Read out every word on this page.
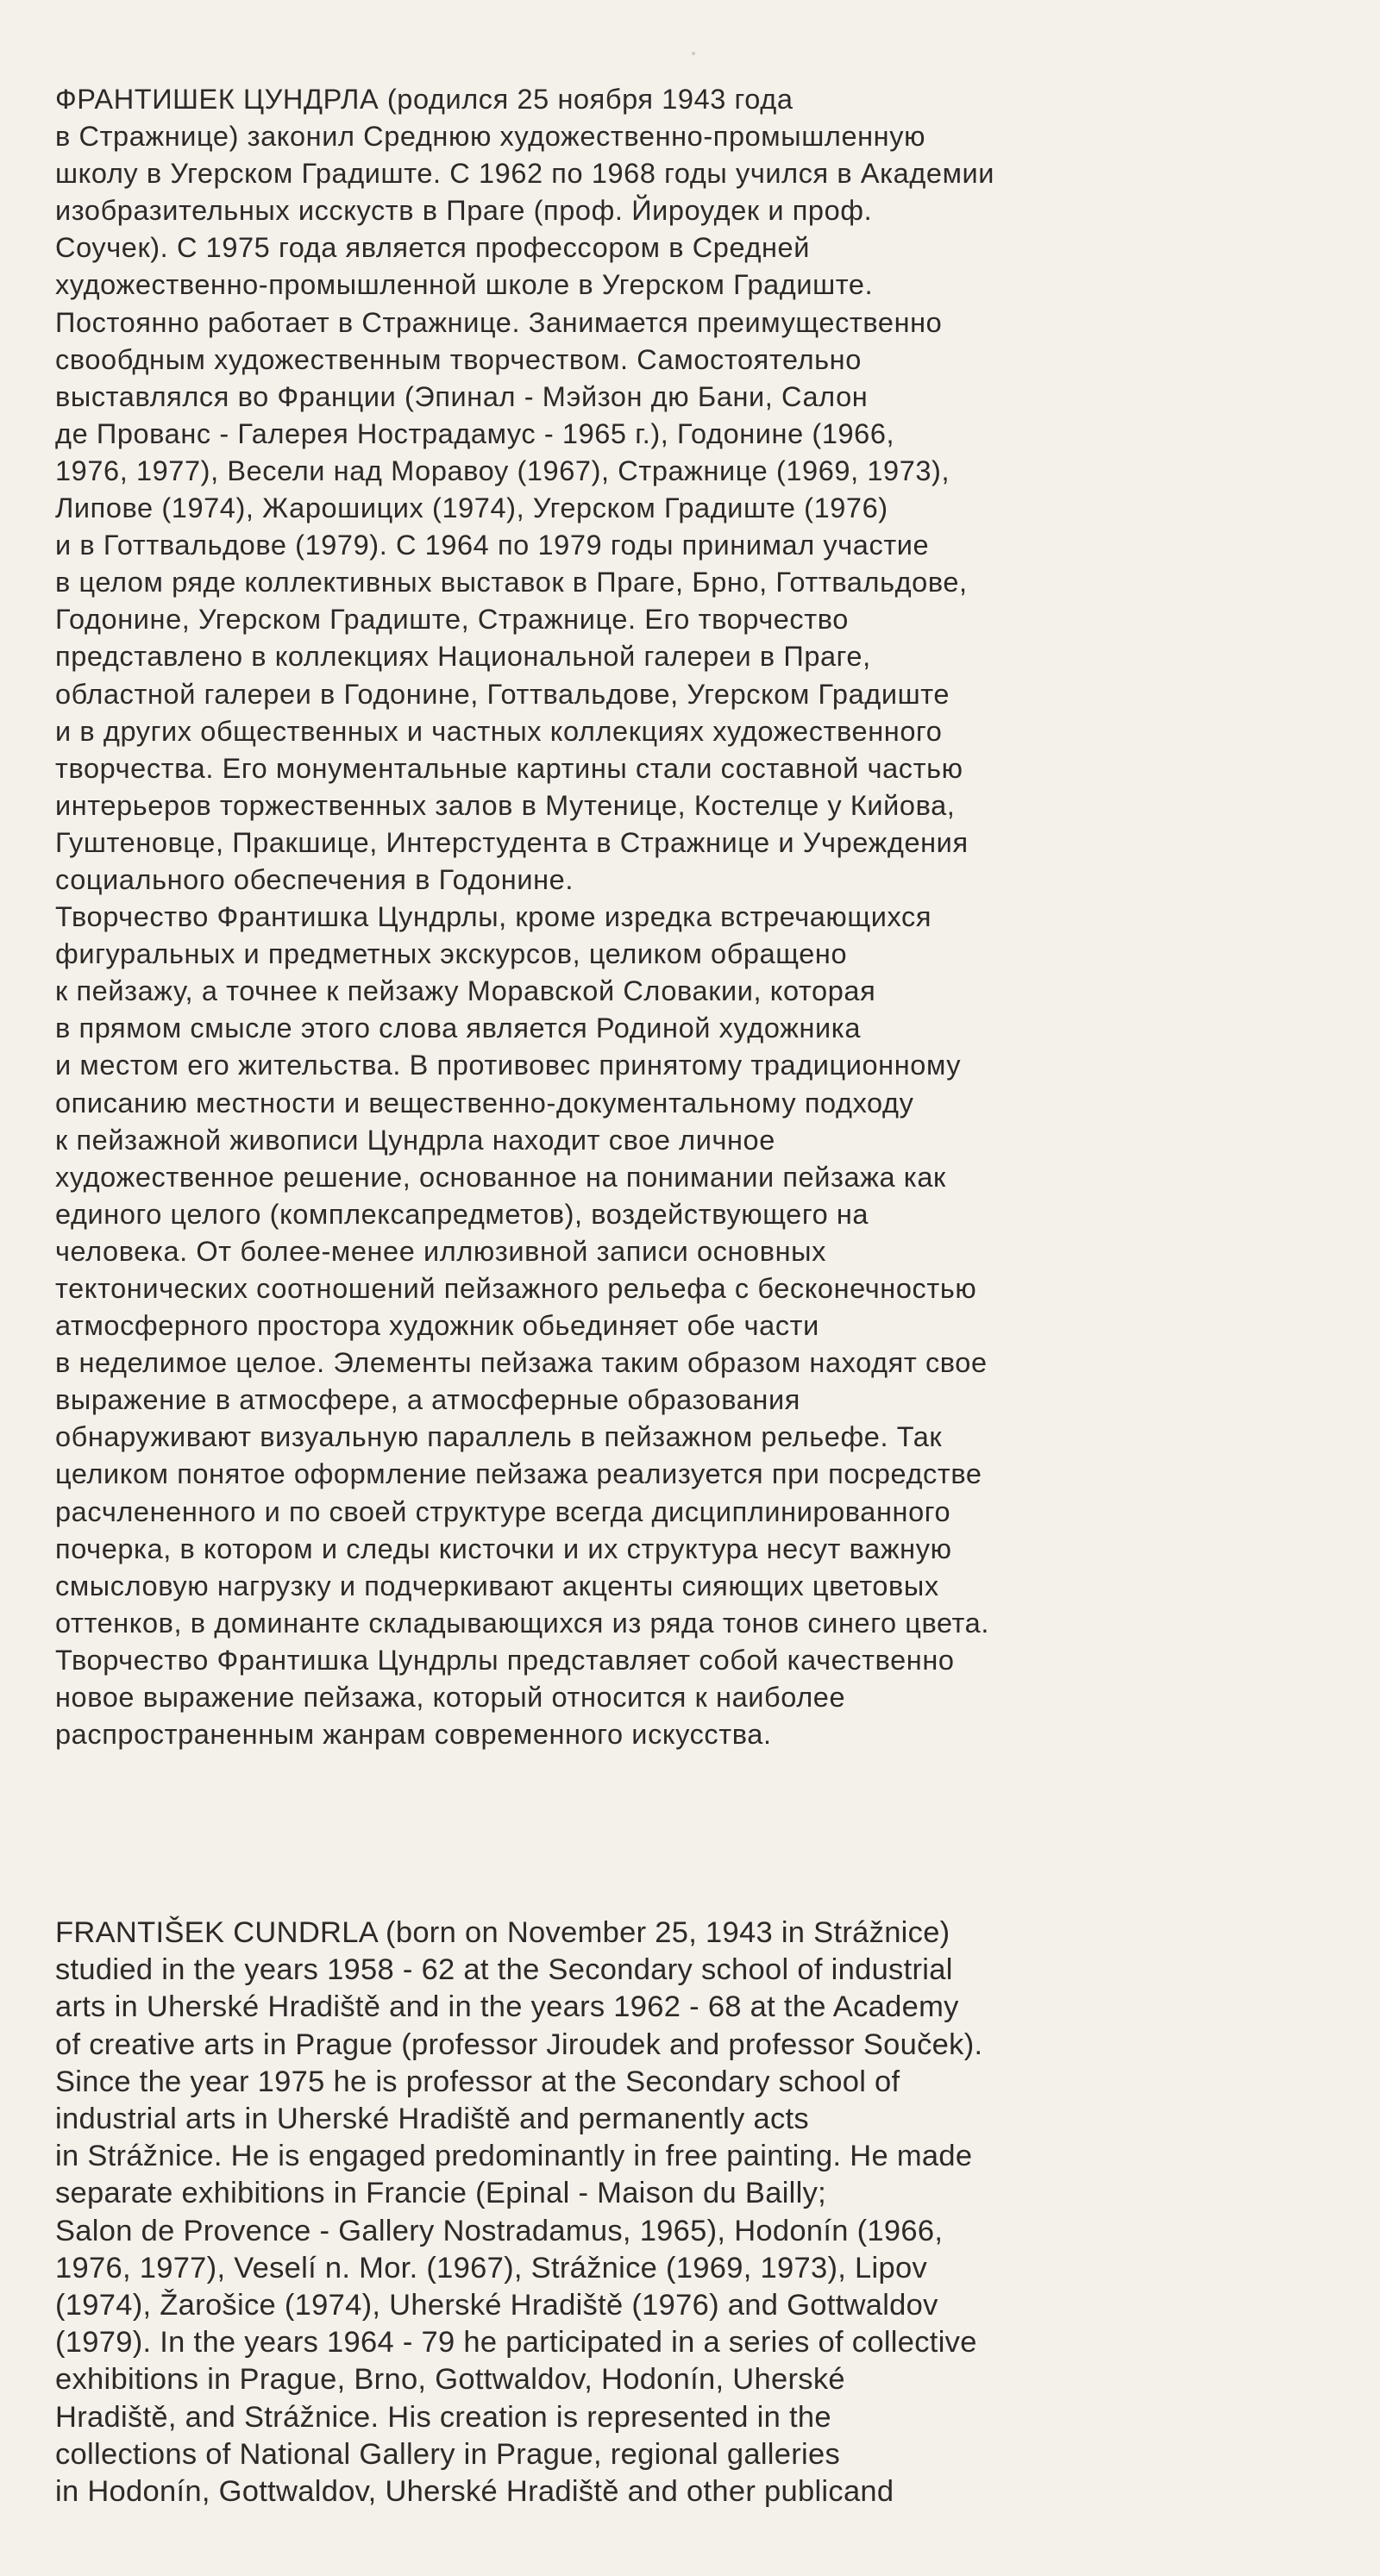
ФРАНТИШЕК ЦУНДРЛА (родился 25 ноября 1943 года
в Стражнице) законил Среднюю художественно-промышленную
школу в Угерском Градиште. С 1962 по 1968 годы учился в Академии
изобразительных исскуств в Праге (проф. Йироудек и проф.
Соучек). С 1975 года является профессором в Средней
художественно-промышленной школе в Угерском Градиште.
Постоянно работает в Стражнице. Занимается преимущественно
свообдным художественным творчеством. Самостоятельно
выставлялся во Франции (Эпинал - Мэйзон дю Бани, Салон
де Прованс - Галерея Нострадамус - 1965 г.), Годонине (1966,
1976, 1977), Весели над Моравоу (1967), Стражнице (1969, 1973),
Липове (1974), Жарошицих (1974), Угерском Градиште (1976)
и в Готтвальдове (1979). С 1964 по 1979 годы принимал участие
в целом ряде коллективных выставок в Праге, Брно, Готтвальдове,
Годонине, Угерском Градиште, Стражнице. Его творчество
представлено в коллекциях Национальной галереи в Праге,
областной галереи в Годонине, Готтвальдове, Угерском Градиште
и в других общественных и частных коллекциях художественного
творчества. Его монументальные картины стали составной частью
интерьеров торжественных залов в Мутенице, Костелце у Кийова,
Гуштеновце, Пракшице, Интерстудента в Стражнице и Учреждения
социального обеспечения в Годонине.
Творчество Франтишка Цундрлы, кроме изредка встречающихся
фигуральных и предметных экскурсов, целиком обращено
к пейзажу, а точнее к пейзажу Моравской Словакии, которая
в прямом смысле этого слова является Родиной художника
и местом его жительства. В противовес принятому традиционному
описанию местности и вещественно-документальному подходу
к пейзажной живописи Цундрла находит свое личное
художественное решение, основанное на понимании пейзажа как
единого целого (комплексапредметов), воздействующего на
человека. От более-менее иллюзивной записи основных
тектонических соотношений пейзажного рельефа с бесконечностью
атмосферного простора художник обьединяет обе части
в неделимое целое. Элементы пейзажа таким образом находят свое
выражение в атмосфере, а атмосферные образования
обнаруживают визуальную параллель в пейзажном рельефе. Так
целиком понятое оформление пейзажа реализуется при посредстве
расчлененного и по своей структуре всегда дисциплинированного
почерка, в котором и следы кисточки и их структура несут важную
смысловую нагрузку и подчеркивают акценты сияющих цветовых
оттенков, в доминанте складывающихся из ряда тонов синего цвета.
Творчество Франтишка Цундрлы представляет собой качественно
новое выражение пейзажа, который относится к наиболее
распространенным жанрам современного искусства.
FRANTIŠEK CUNDRLA (born on November 25, 1943 in Strážnice)
studied in the years 1958 - 62 at the Secondary school of industrial
arts in Uherské Hradiště and in the years 1962 - 68 at the Academy
of creative arts in Prague (professor Jiroudek and professor Souček).
Since the year 1975 he is professor at the Secondary school of
industrial arts in Uherské Hradiště and permanently acts
in Strážnice. He is engaged predominantly in free painting. He made
separate exhibitions in Francie (Epinal - Maison du Bailly;
Salon de Provence - Gallery Nostradamus, 1965), Hodonín (1966,
1976, 1977), Veselí n. Mor. (1967), Strážnice (1969, 1973), Lipov
(1974), Žarošice (1974), Uherské Hradiště (1976) and Gottwaldov
(1979). In the years 1964 - 79 he participated in a series of collective
exhibitions in Prague, Brno, Gottwaldov, Hodonín, Uherské
Hradiště, and Strážnice. His creation is represented in the
collections of National Gallery in Prague, regional galleries
in Hodonín, Gottwaldov, Uherské Hradiště and other publicand
